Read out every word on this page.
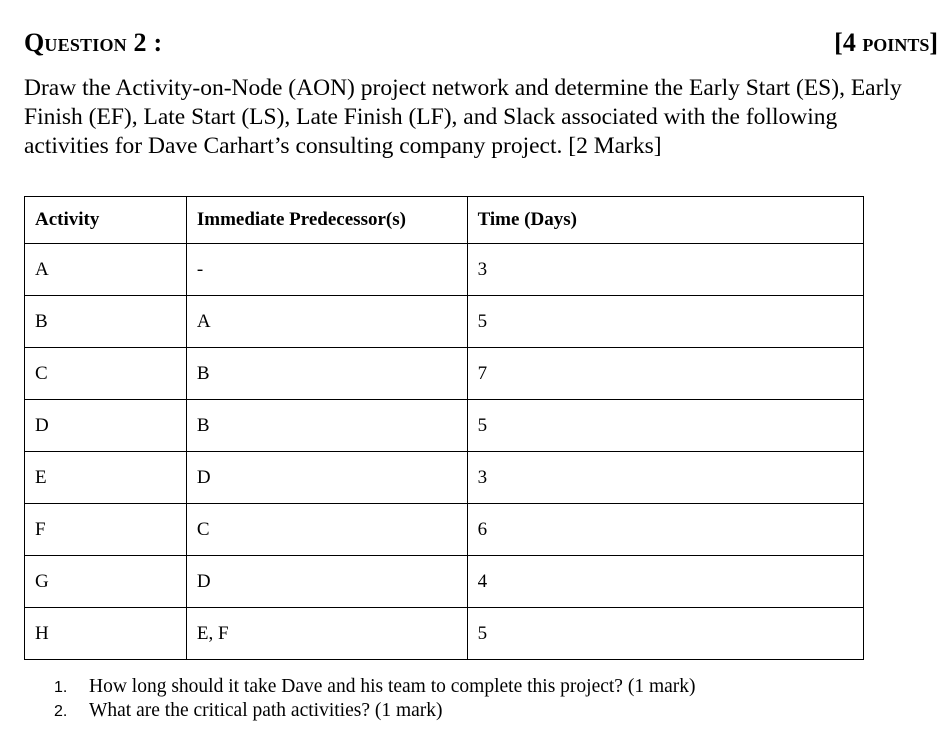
Question 2 :	[4 points]

Draw the Activity-on-Node (AON) project network and determine the Early Start (ES), Early Finish (EF), Late Start (LS), Late Finish (LF), and Slack associated with the following activities for Dave Carhart’s consulting company project. [2 Marks]

Activity	Immediate Predecessor(s)	Time (Days)
A	-	3
B	A	5
C	B	7
D	B	5
E	D	3
F	C	6
G	D	4
H	E, F	5
1. How long should it take Dave and his team to complete this project? (1 mark)
2. What are the critical path activities? (1 mark)
